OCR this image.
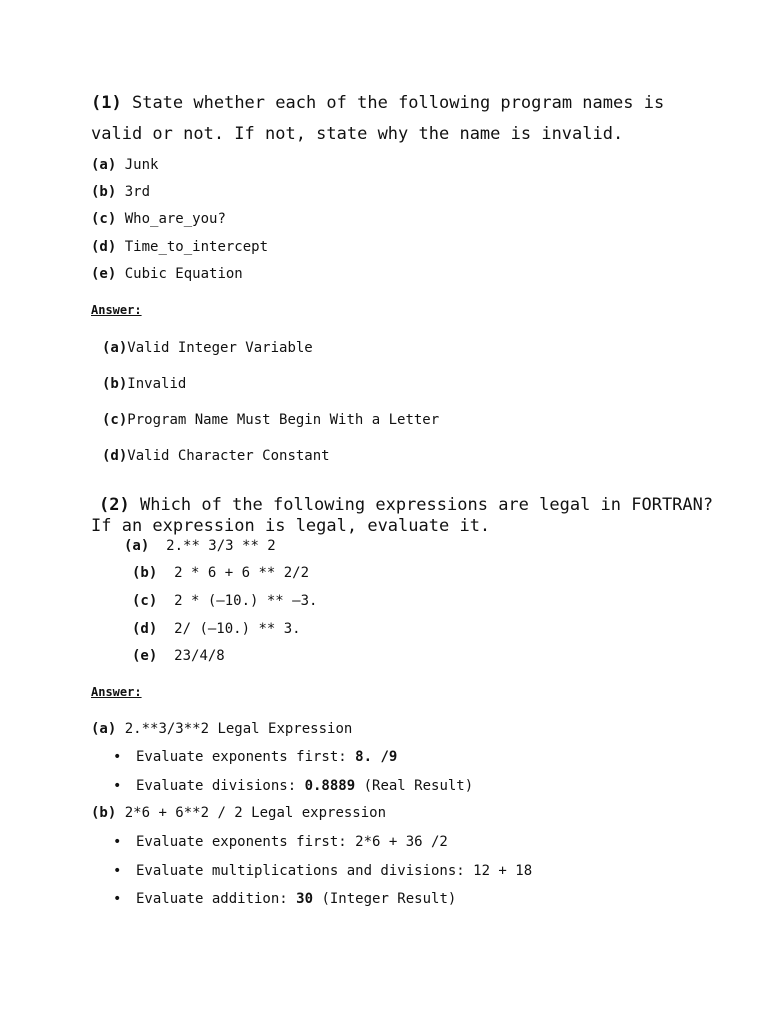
(1) State whether each of the following program names is
valid or not. If not, state why the name is invalid.
(a) Junk
(b) 3rd
(c) Who_are_you?
(d) Time_to_intercept
(e) Cubic Equation
Answer:
(a)Valid Integer Variable
(b)Invalid
(c)Program Name Must Begin With a Letter
(d)Valid Character Constant
(2) Which of the following expressions are legal in FORTRAN?
If an expression is legal, evaluate it.
(a) 2.** 3/3 ** 2
(b) 2 * 6 + 6 ** 2/2
(c) 2 * (–10.) ** –3.
(d) 2/ (–10.) ** 3.
(e) 23/4/8
Answer:
(a) 2.**3/3**2 Legal Expression
• Evaluate exponents first: 8. /9
• Evaluate divisions: 0.8889 (Real Result)
(b) 2*6 + 6**2 / 2 Legal expression
• Evaluate exponents first: 2*6 + 36 /2
• Evaluate multiplications and divisions: 12 + 18
• Evaluate addition: 30 (Integer Result)
